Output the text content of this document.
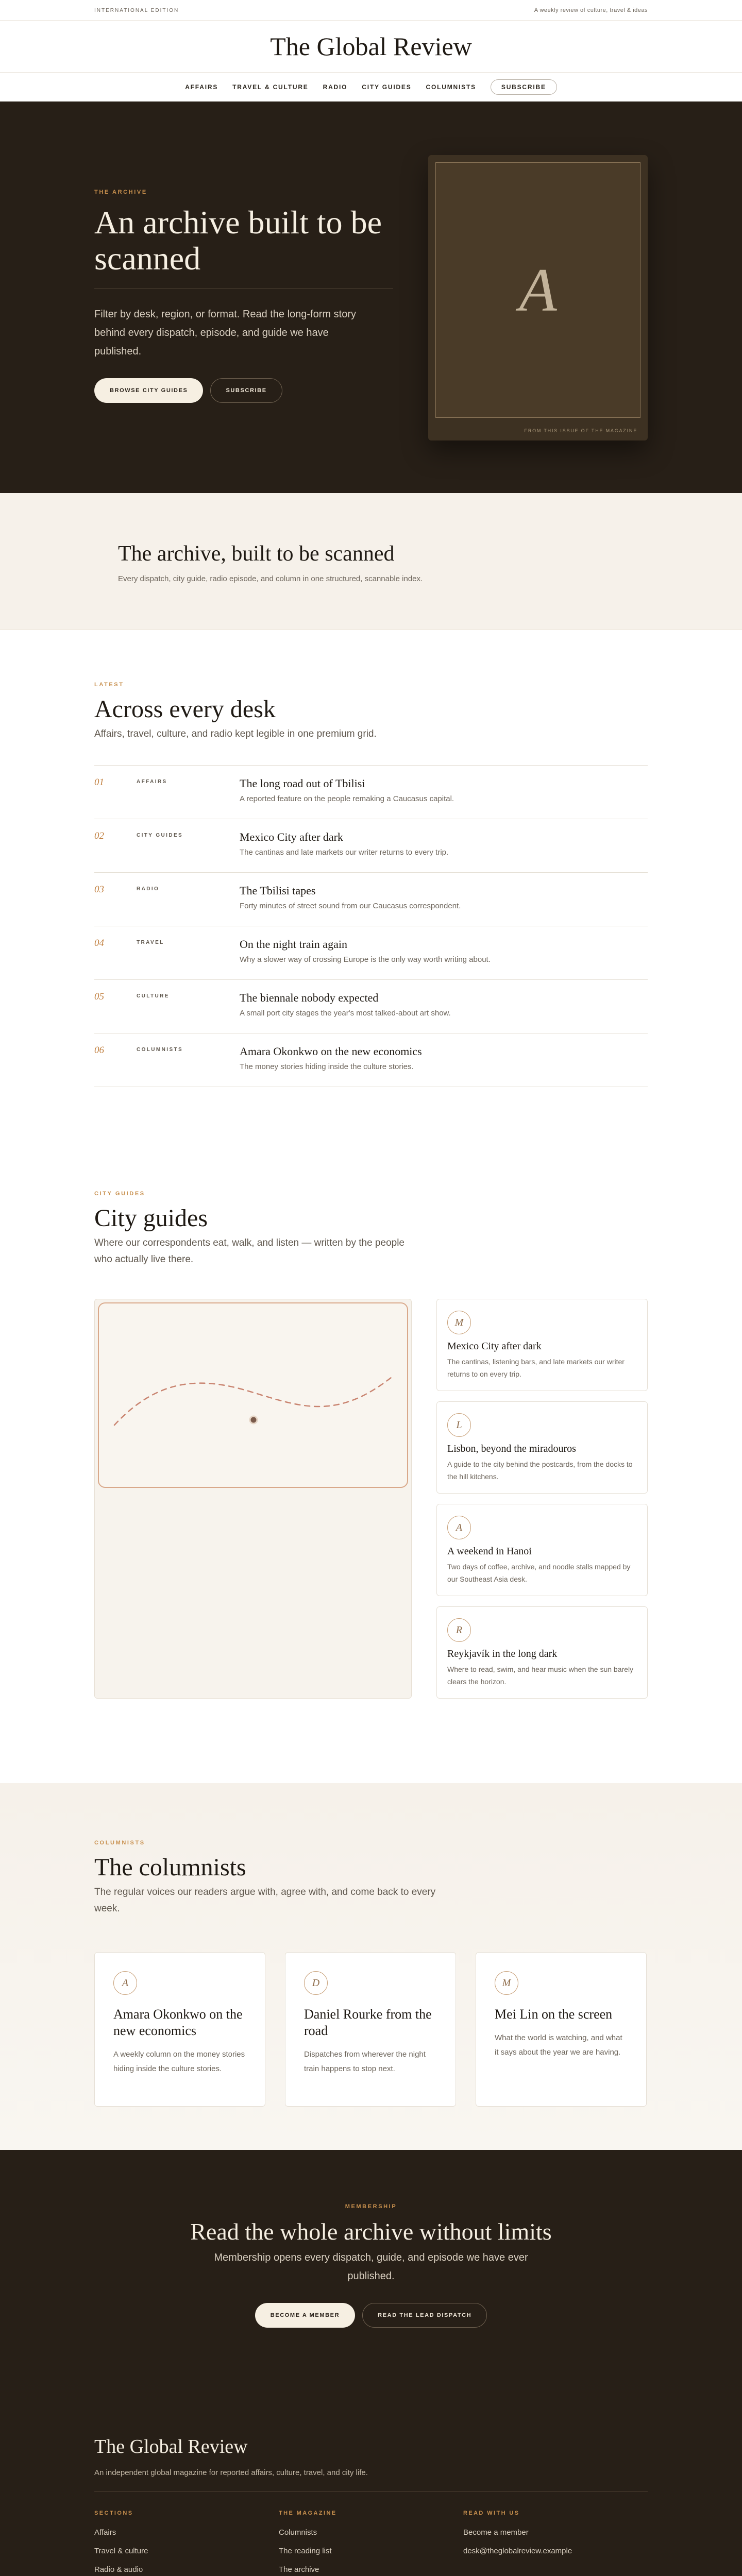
INTERNATIONAL EDITION	A weekly review of culture, travel & ideas
The Global Review
AFFAIRS TRAVEL & CULTURE RADIO CITY GUIDES COLUMNISTS	SUBSCRIBE
THE ARCHIVE
An archive built to be scanned

Filter by desk, region, or format. Read the long-form story behind every dispatch, episode, and guide we have published.

BROWSE CITY GUIDES	SUBSCRIBE
A
FROM THIS ISSUE OF THE MAGAZINE
The archive, built to be scanned

Every dispatch, city guide, radio episode, and column in one structured, scannable index.

LATEST
Across every desk

Affairs, travel, culture, and radio kept legible in one premium grid.

01	AFFAIRS	The long road out of Tbilisi
A reported feature on the people remaking a Caucasus capital.
02	CITY GUIDES	Mexico City after dark
The cantinas and late markets our writer returns to every trip.
03	RADIO	The Tbilisi tapes
Forty minutes of street sound from our Caucasus correspondent.
04	TRAVEL	On the night train again
Why a slower way of crossing Europe is the only way worth writing about.
05	CULTURE	The biennale nobody expected
A small port city stages the year's most talked-about art show.
06	COLUMNISTS	Amara Okonkwo on the new economics
The money stories hiding inside the culture stories.
CITY GUIDES
City guides

Where our correspondents eat, walk, and listen — written by the people who actually live there.

M
Mexico City after dark
The cantinas, listening bars, and late markets our writer returns to on every trip.
L
Lisbon, beyond the miradouros
A guide to the city behind the postcards, from the docks to the hill kitchens.
A
A weekend in Hanoi
Two days of coffee, archive, and noodle stalls mapped by our Southeast Asia desk.
R
Reykjavík in the long dark
Where to read, swim, and hear music when the sun barely clears the horizon.
COLUMNISTS
The columnists

The regular voices our readers argue with, agree with, and come back to every week.

A
Amara Okonkwo on the new economics
A weekly column on the money stories hiding inside the culture stories.
D
Daniel Rourke from the road
Dispatches from wherever the night train happens to stop next.
M
Mei Lin on the screen
What the world is watching, and what it says about the year we are having.
MEMBERSHIP
Read the whole archive without limits

Membership opens every dispatch, guide, and episode we have ever published.

BECOME A MEMBER	READ THE LEAD DISPATCH
The Global Review

An independent global magazine for reported affairs, culture, travel, and city life.

SECTIONS
Affairs
Travel & culture
Radio & audio
THE MAGAZINE
Columnists
The reading list
The archive
READ WITH US
Become a member
desk@theglobalreview.example
